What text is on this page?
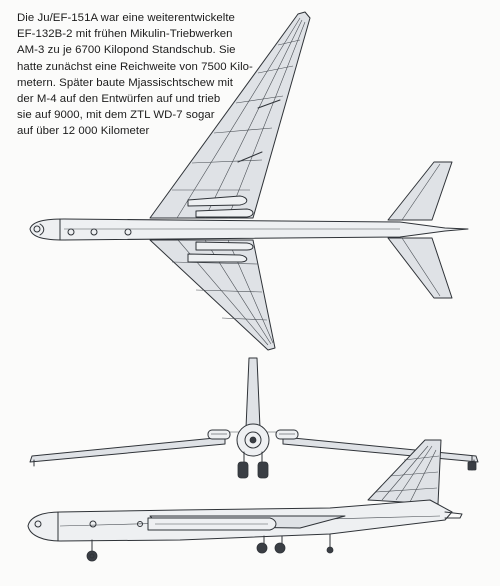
Die Ju/EF-151A war eine weiterentwickelte
EF-132B-2 mit frühen Mikulin-Triebwerken
AM-3 zu je 6700 Kilopond Standschub. Sie
hatte zunächst eine Reichweite von 7500 Kilo-
metern. Später baute Mjassischtschew mit
der M-4 auf den Entwürfen auf und trieb
sie auf 9000, mit dem ZTL WD-7 sogar
auf über 12 000 Kilometer
